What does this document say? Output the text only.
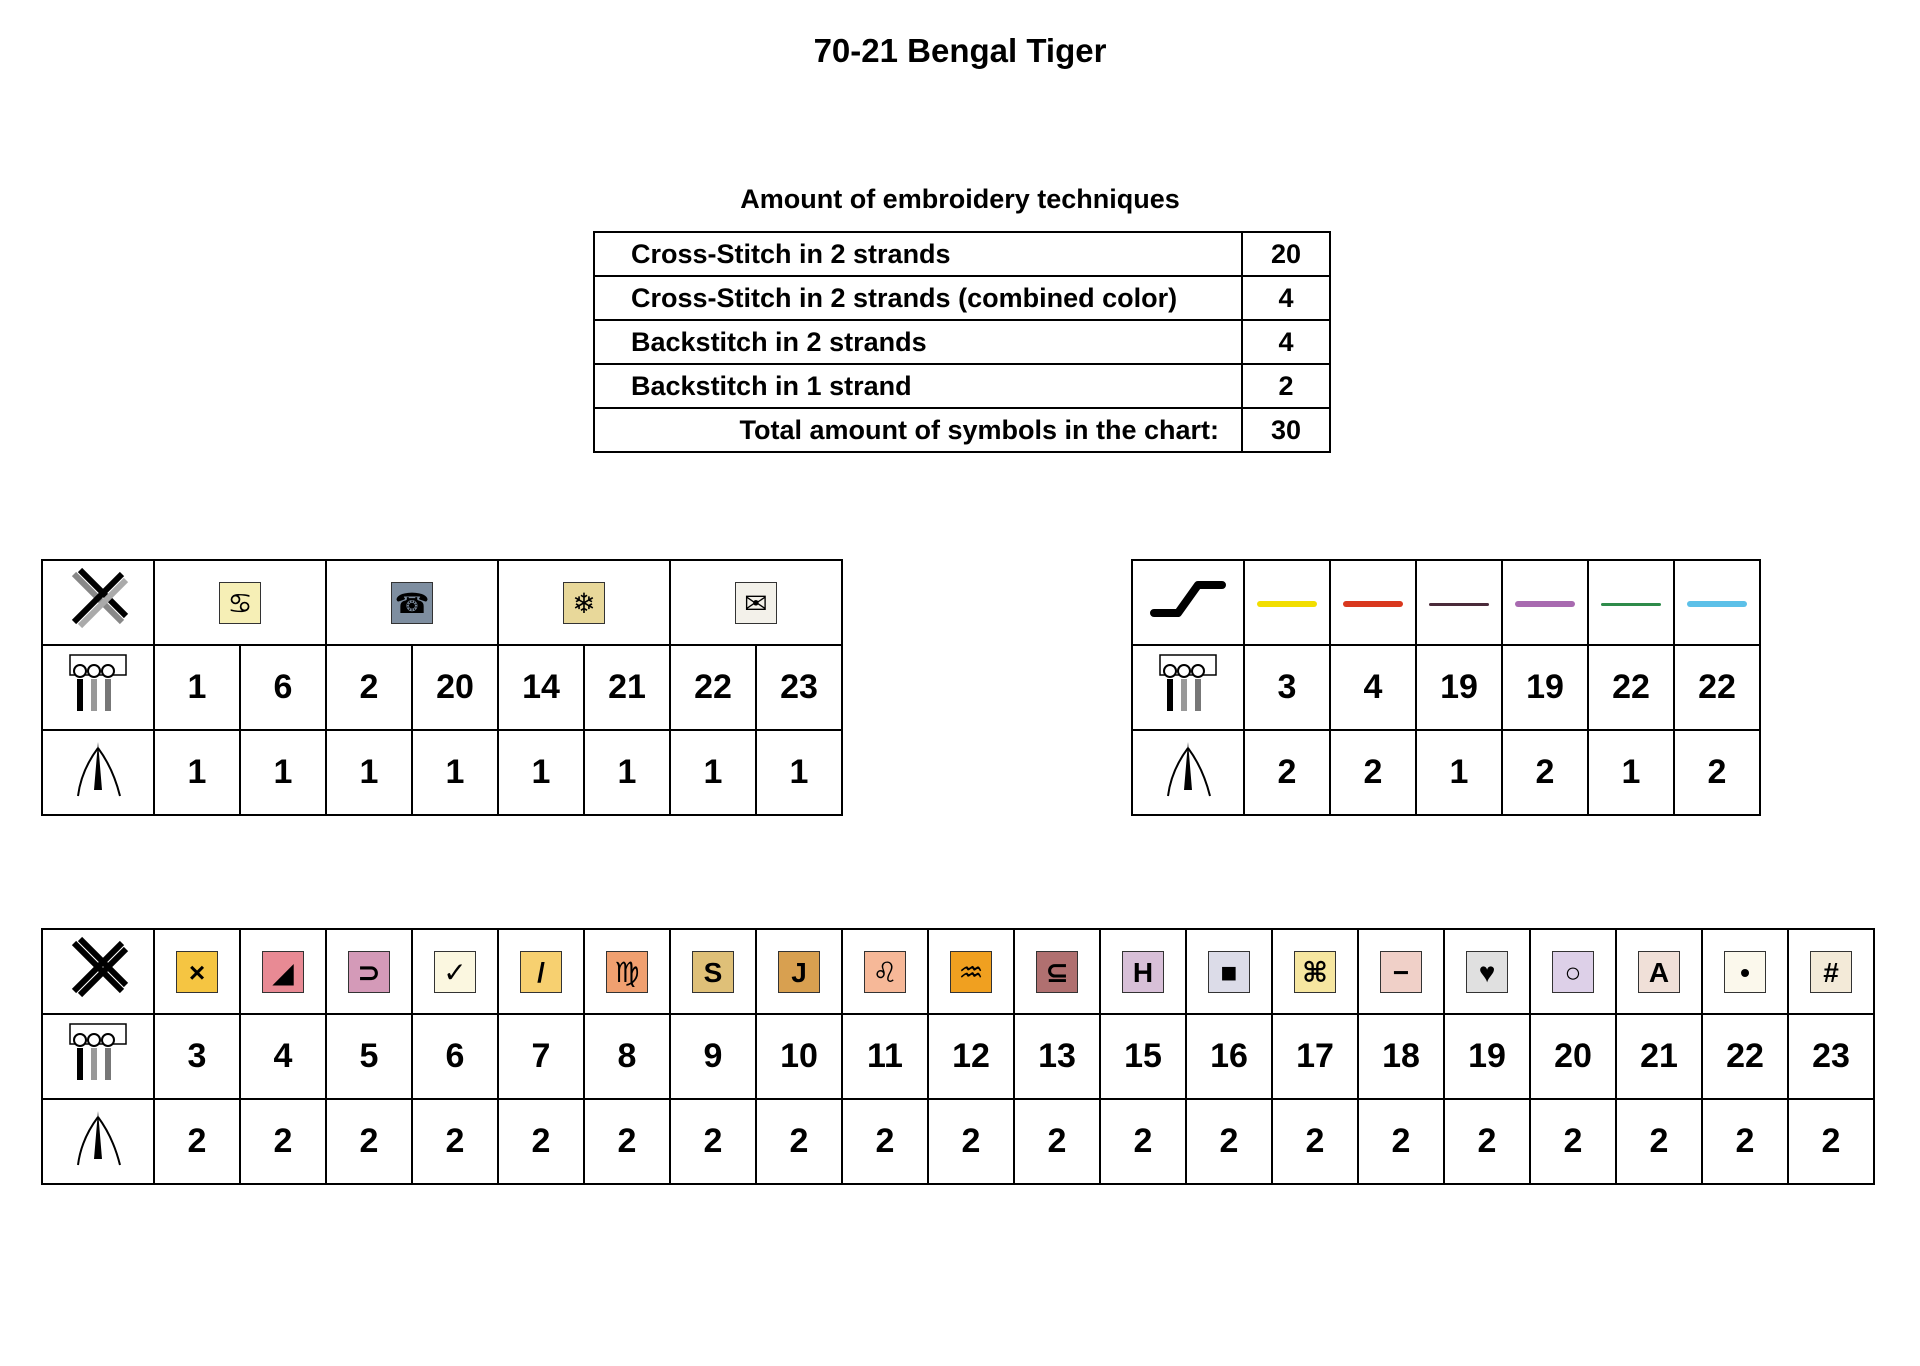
70-21 Bengal Tiger
Amount of embroidery techniques
Cross-Stitch in 2 strands	20
Cross-Stitch in 2 strands (combined color)	4
Backstitch in 2 strands	4
Backstitch in 1 strand	2
Total amount of symbols in the chart:	30
	♋		☎		❄		✉	
	1	6	2	20	14	21	22	23
	1	1	1	1	1	1	1	1

	3	4	19	19	22	22
	2	2	1	2	1	2
	×	◢	⊃	✓	/	♍	S	J	♌	♒	⊆	H	■	⌘	−	♥	○	A	•	#
	3	4	5	6	7	8	9	10	11	12	13	15	16	17	18	19	20	21	22	23
	2	2	2	2	2	2	2	2	2	2	2	2	2	2	2	2	2	2	2	2
